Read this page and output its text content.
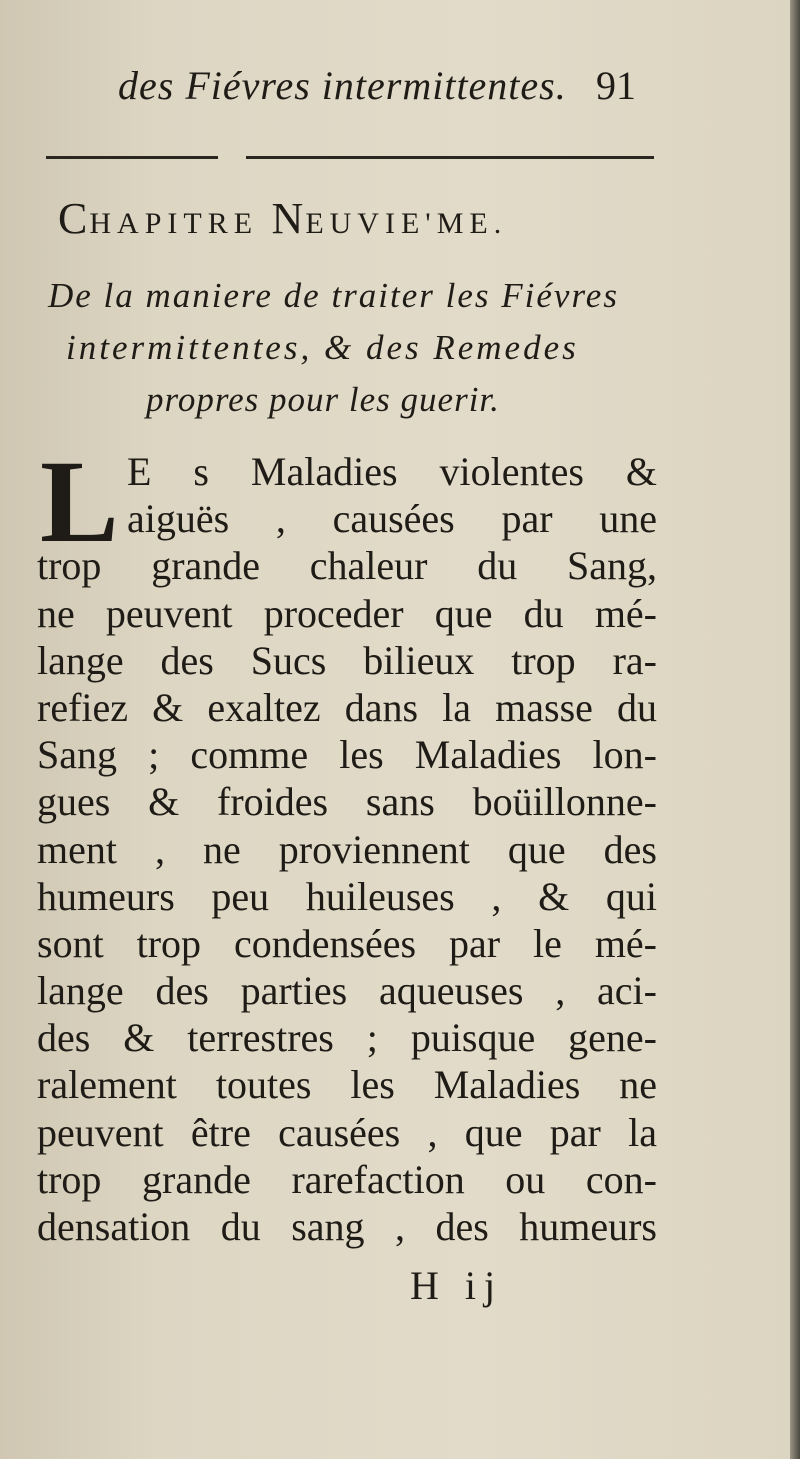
des Fiévres intermittentes. 91
CHAPITRE NEUVIE'ME.
De la maniere de traiter les Fiévres
intermittentes, & des Remedes
propres pour les guerir.
L E s Maladies violentes &
aiguës , causées par une
trop grande chaleur du Sang,
ne peuvent proceder que du mé-
lange des Sucs bilieux trop ra-
refiez & exaltez dans la masse du
Sang ; comme les Maladies lon-
gues & froides sans boüillonne-
ment , ne proviennent que des
humeurs peu huileuses , & qui
sont trop condensées par le mé-
lange des parties aqueuses , aci-
des & terrestres ; puisque gene-
ralement toutes les Maladies ne
peuvent être causées , que par la
trop grande rarefaction ou con-
densation du sang , des humeurs
H ij
